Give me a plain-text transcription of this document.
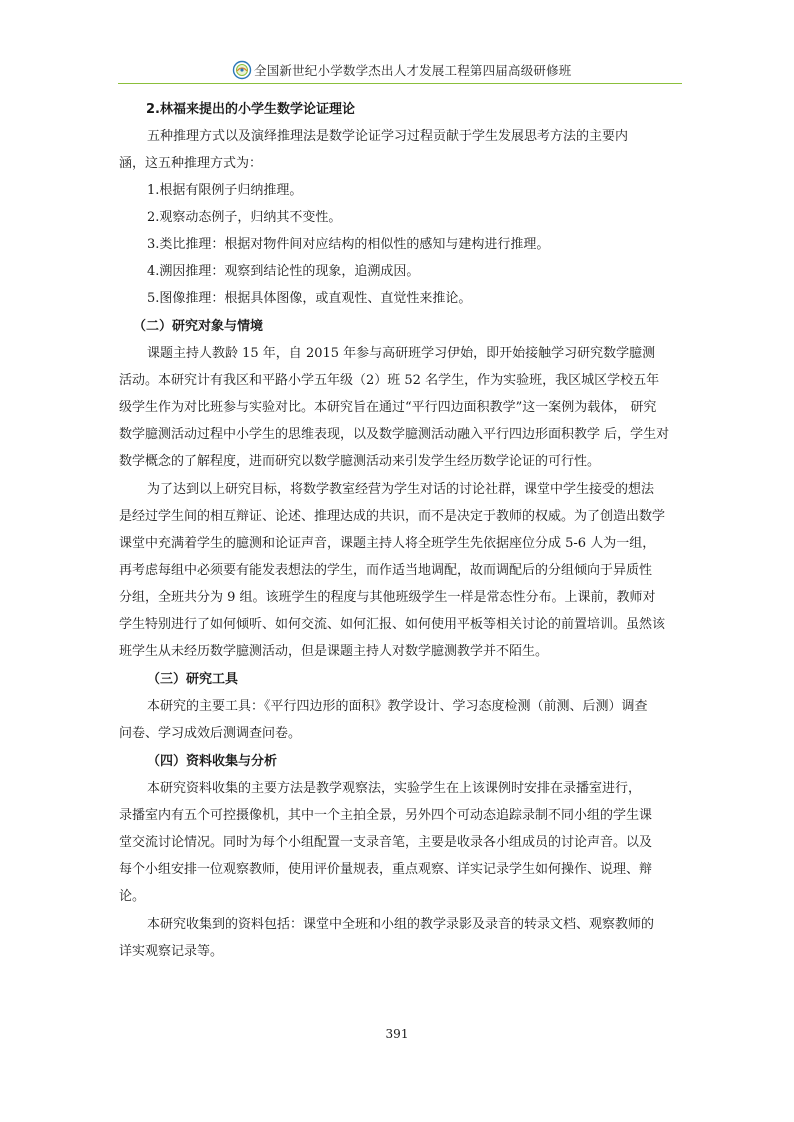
全国新世纪小学数学杰出人才发展工程第四届高级研修班
2.林福来提出的小学生数学论证理论
五种推理方式以及演绎推理法是数学论证学习过程贡献于学生发展思考方法的主要内
涵，这五种推理方式为：
1.根据有限例子归纳推理。
2.观察动态例子，归纳其不变性。
3.类比推理：根据对物件间对应结构的相似性的感知与建构进行推理。
4.溯因推理：观察到结论性的现象，追溯成因。
5.图像推理：根据具体图像，或直观性、直觉性来推论。
（二）研究对象与情境
课题主持人教龄 15 年，自 2015 年参与高研班学习伊始，即开始接触学习研究数学臆测
活动。本研究计有我区和平路小学五年级（2）班 52 名学生，作为实验班，我区城区学校五年
级学生作为对比班参与实验对比。本研究旨在通过“平行四边面积教学”这一案例为载体， 研究
数学臆测活动过程中小学生的思维表现，以及数学臆测活动融入平行四边形面积教学 后，学生对
数学概念的了解程度，进而研究以数学臆测活动来引发学生经历数学论证的可行性。
为了达到以上研究目标，将数学教室经营为学生对话的讨论社群，课堂中学生接受的想法
是经过学生间的相互辩证、论述、推理达成的共识，而不是决定于教师的权威。为了创造出数学
课堂中充满着学生的臆测和论证声音，课题主持人将全班学生先依据座位分成 5-6 人为一组，
再考虑每组中必须要有能发表想法的学生，而作适当地调配，故而调配后的分组倾向于异质性
分组，全班共分为 9 组。该班学生的程度与其他班级学生一样是常态性分布。上课前，教师对
学生特别进行了如何倾听、如何交流、如何汇报、如何使用平板等相关讨论的前置培训。虽然该
班学生从未经历数学臆测活动，但是课题主持人对数学臆测教学并不陌生。
（三）研究工具
本研究的主要工具：《平行四边形的面积》教学设计、学习态度检测（前测、后测）调查
问卷、学习成效后测调查问卷。
（四）资料收集与分析
本研究资料收集的主要方法是教学观察法，实验学生在上该课例时安排在录播室进行，
录播室内有五个可控摄像机，其中一个主拍全景，另外四个可动态追踪录制不同小组的学生课
堂交流讨论情况。同时为每个小组配置一支录音笔，主要是收录各小组成员的讨论声音。以及
每个小组安排一位观察教师，使用评价量规表，重点观察、详实记录学生如何操作、说理、辩
论。
本研究收集到的资料包括：课堂中全班和小组的教学录影及录音的转录文档、观察教师的
详实观察记录等。
391
